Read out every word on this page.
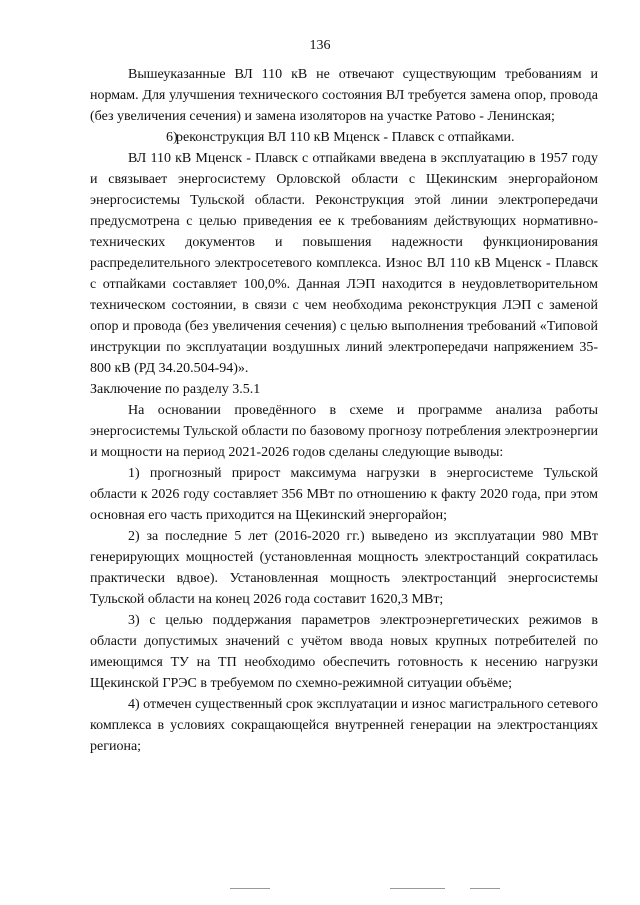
136

Вышеуказанные ВЛ 110 кВ не отвечают существующим требованиям и нормам. Для улучшения технического состояния ВЛ требуется замена опор, провода (без увеличения сечения) и замена изоляторов на участке Ратово - Ленинская;

6)реконструкция ВЛ 110 кВ Мценск - Плавск с отпайками.

ВЛ 110 кВ Мценск - Плавск с отпайками введена в эксплуатацию в 1957 году и связывает энергосистему Орловской области с Щекинским энергорайоном энергосистемы Тульской области. Реконструкция этой линии электропередачи предусмотрена с целью приведения ее к требованиям действующих нормативно-технических документов и повышения надежности функционирования распределительного электросетевого комплекса. Износ ВЛ 110 кВ Мценск - Плавск с отпайками составляет 100,0%. Данная ЛЭП находится в неудовлетворительном техническом состоянии, в связи с чем необходима реконструкция ЛЭП с заменой опор и провода (без увеличения сечения) с целью выполнения требований «Типовой инструкции по эксплуатации воздушных линий электропередачи напряжением 35-800 кВ (РД 34.20.504-94)».

Заключение по разделу 3.5.1

На основании проведённого в схеме и программе анализа работы энергосистемы Тульской области по базовому прогнозу потребления электроэнергии и мощности на период 2021-2026 годов сделаны следующие выводы:

1) прогнозный прирост максимума нагрузки в энергосистеме Тульской области к 2026 году составляет 356 МВт по отношению к факту 2020 года, при этом основная его часть приходится на Щекинский энергорайон;

2) за последние 5 лет (2016-2020 гг.) выведено из эксплуатации 980 МВт генерирующих мощностей (установленная мощность электростанций сократилась практически вдвое). Установленная мощность электростанций энергосистемы Тульской области на конец 2026 года составит 1620,3 МВт;

3) с целью поддержания параметров электроэнергетических режимов в области допустимых значений с учётом ввода новых крупных потребителей по имеющимся ТУ на ТП необходимо обеспечить готовность к несению нагрузки Щекинской ГРЭС в требуемом по схемно-режимной ситуации объёме;

4) отмечен существенный срок эксплуатации и износ магистрального сетевого комплекса в условиях сокращающейся внутренней генерации на электростанциях региона;
